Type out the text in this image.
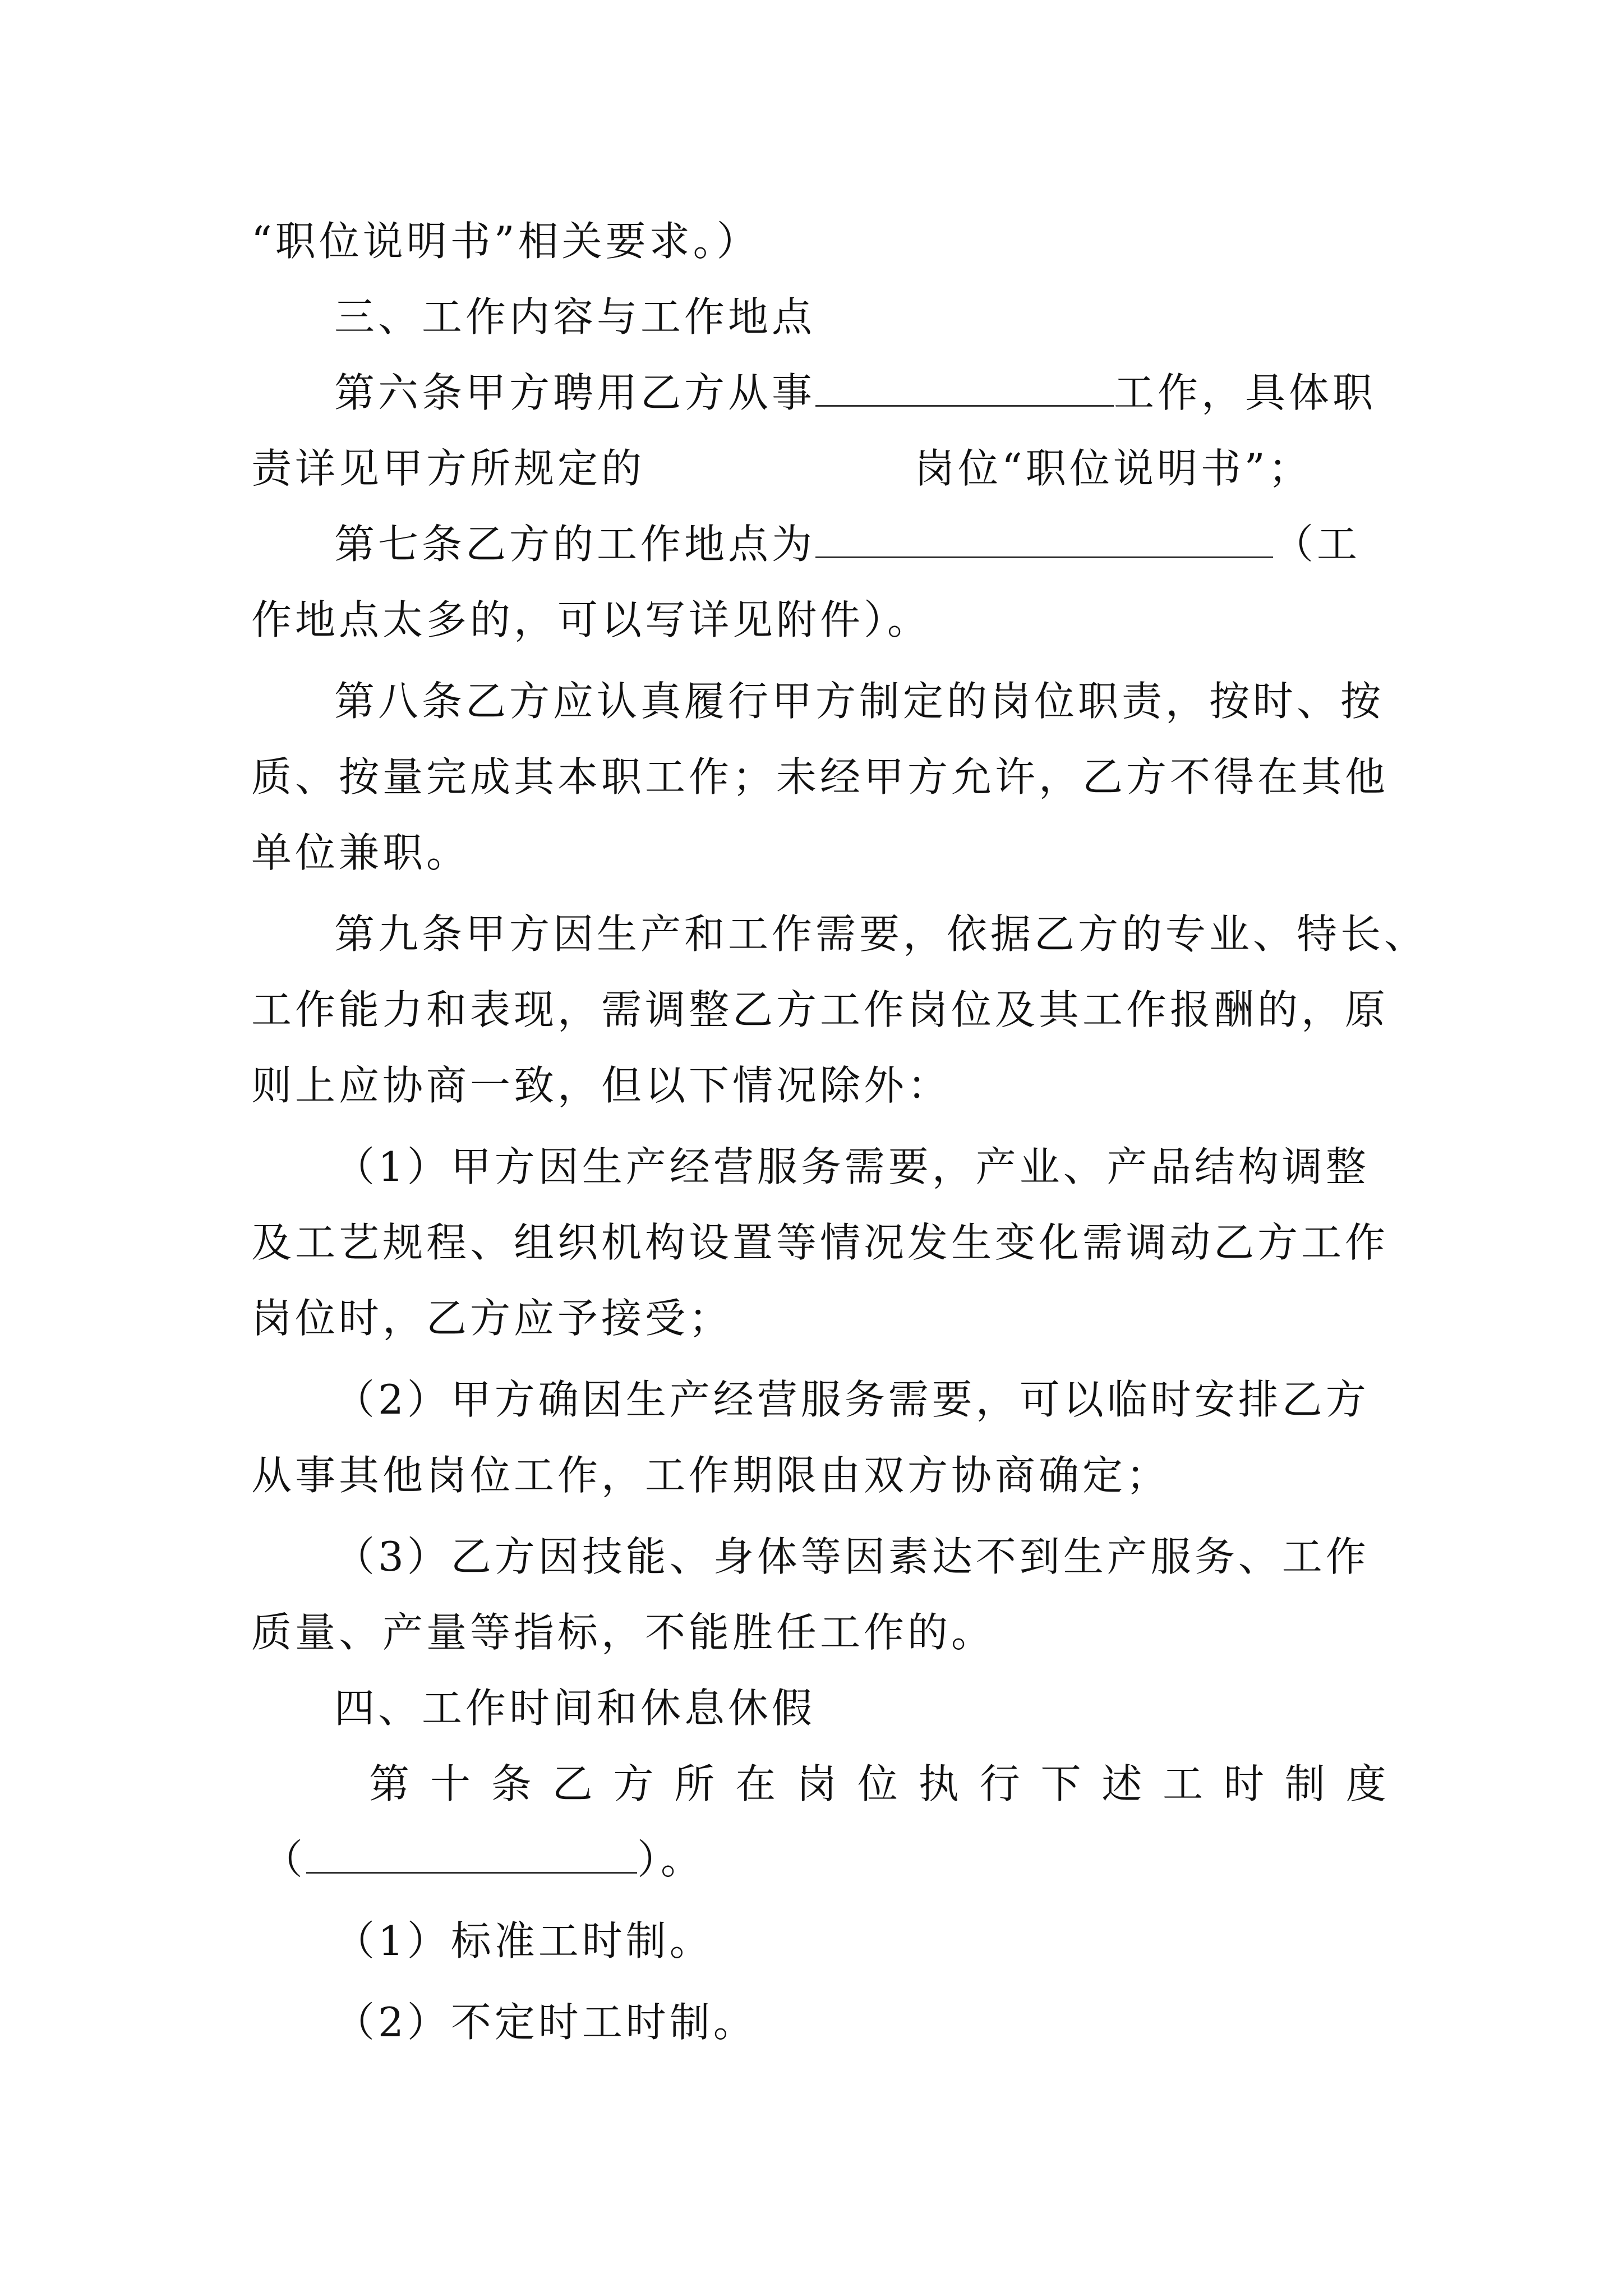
“职位说明书”相关要求。）
三、工作内容与工作地点
第六条甲方聘用乙方从事	工作，具体职
责详见甲方所规定的	岗位“职位说明书”；
第七条乙方的工作地点为	（工
作地点太多的，可以写详见附件）。
第八条乙方应认真履行甲方制定的岗位职责，按时、按
质、按量完成其本职工作；未经甲方允许，乙方不得在其他
单位兼职。
第九条甲方因生产和工作需要，依据乙方的专业、特长、
工作能力和表现，需调整乙方工作岗位及其工作报酬的，原
则上应协商一致，但以下情况除外：
（1）甲方因生产经营服务需要，产业、产品结构调整
及工艺规程、组织机构设置等情况发生变化需调动乙方工作
岗位时，乙方应予接受；
（2）甲方确因生产经营服务需要，可以临时安排乙方
从事其他岗位工作，工作期限由双方协商确定；
（3）乙方因技能、身体等因素达不到生产服务、工作
质量、产量等指标，不能胜任工作的。
四、工作时间和休息休假
第 十 条 乙 方 所 在 岗 位 执 行 下 述 工 时 制 度
（	）。
（1）标准工时制。
（2）不定时工时制。
